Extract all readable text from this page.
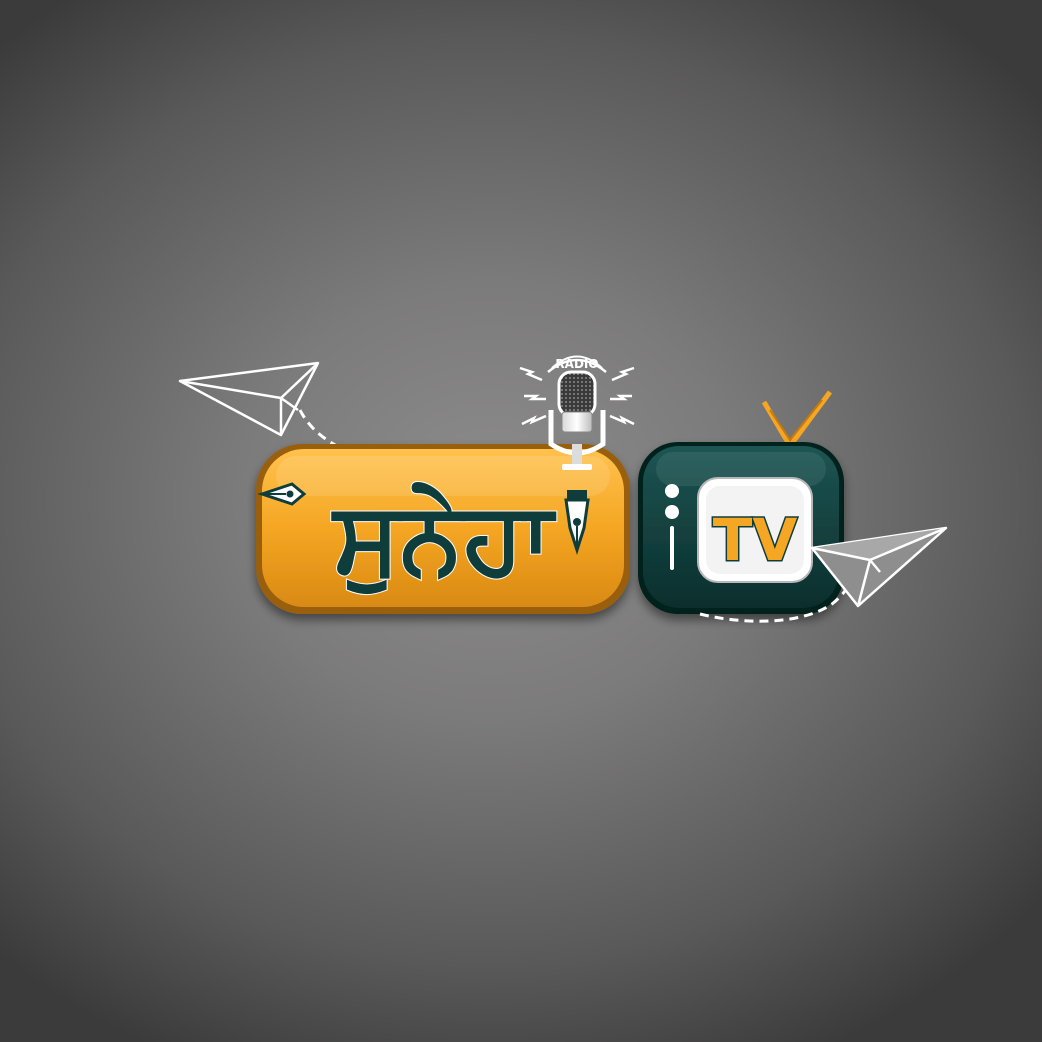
ਸੁਨੇਹਾ
RADIO
TV
